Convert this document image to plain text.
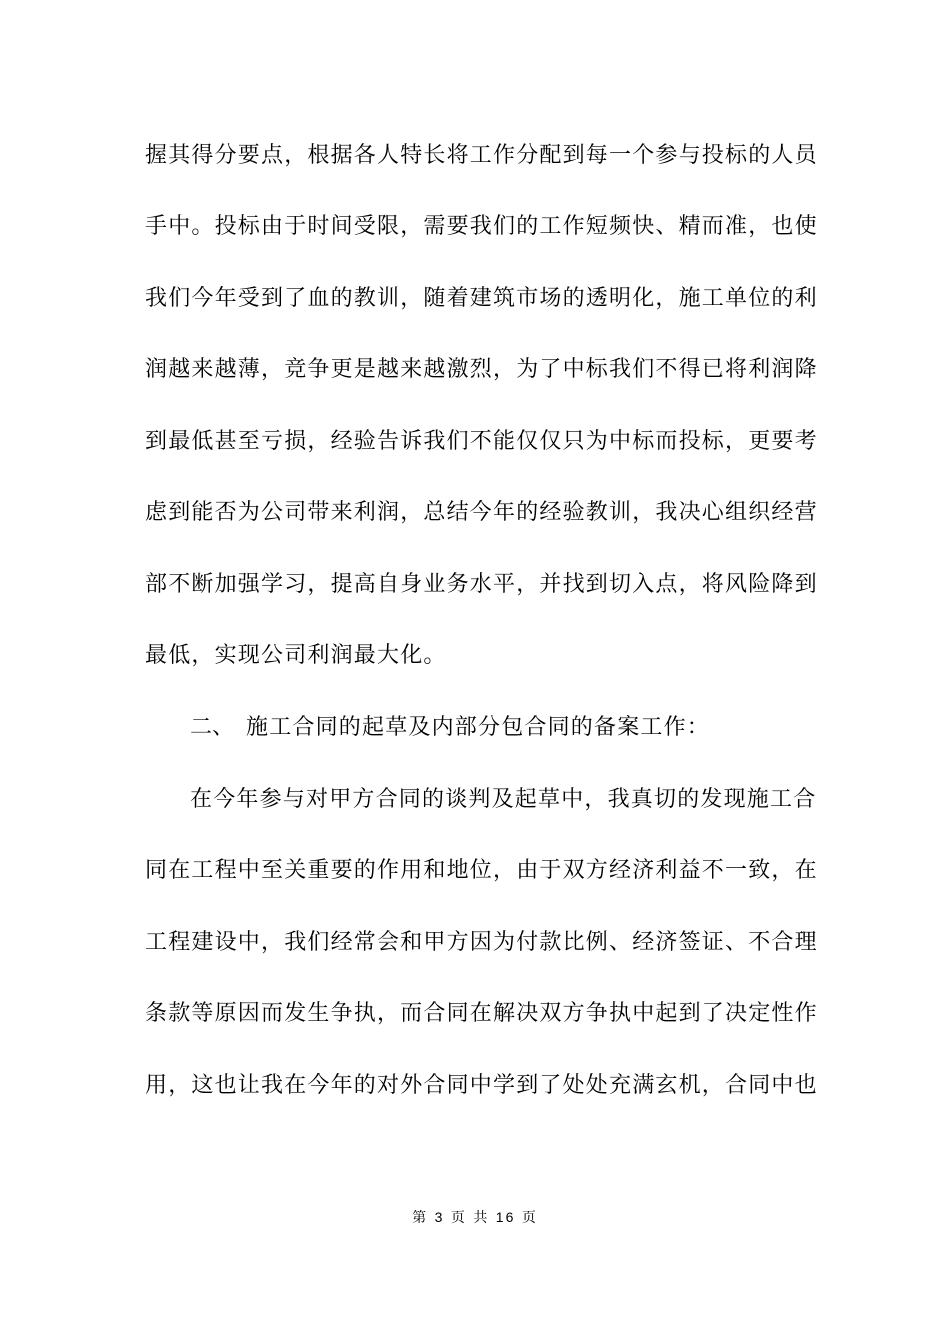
握其得分要点，根据各人特长将工作分配到每一个参与投标的人员
手中。投标由于时间受限，需要我们的工作短频快、精而准，也使
我们今年受到了血的教训，随着建筑市场的透明化，施工单位的利
润越来越薄，竞争更是越来越激烈，为了中标我们不得已将利润降
到最低甚至亏损，经验告诉我们不能仅仅只为中标而投标，更要考
虑到能否为公司带来利润，总结今年的经验教训，我决心组织经营
部不断加强学习，提高自身业务水平，并找到切入点，将风险降到
最低，实现公司利润最大化。
二、 施工合同的起草及内部分包合同的备案工作：
在今年参与对甲方合同的谈判及起草中，我真切的发现施工合
同在工程中至关重要的作用和地位，由于双方经济利益不一致，在
工程建设中，我们经常会和甲方因为付款比例、经济签证、不合理
条款等原因而发生争执，而合同在解决双方争执中起到了决定性作
用，这也让我在今年的对外合同中学到了处处充满玄机，合同中也
第 3 页 共 16 页
